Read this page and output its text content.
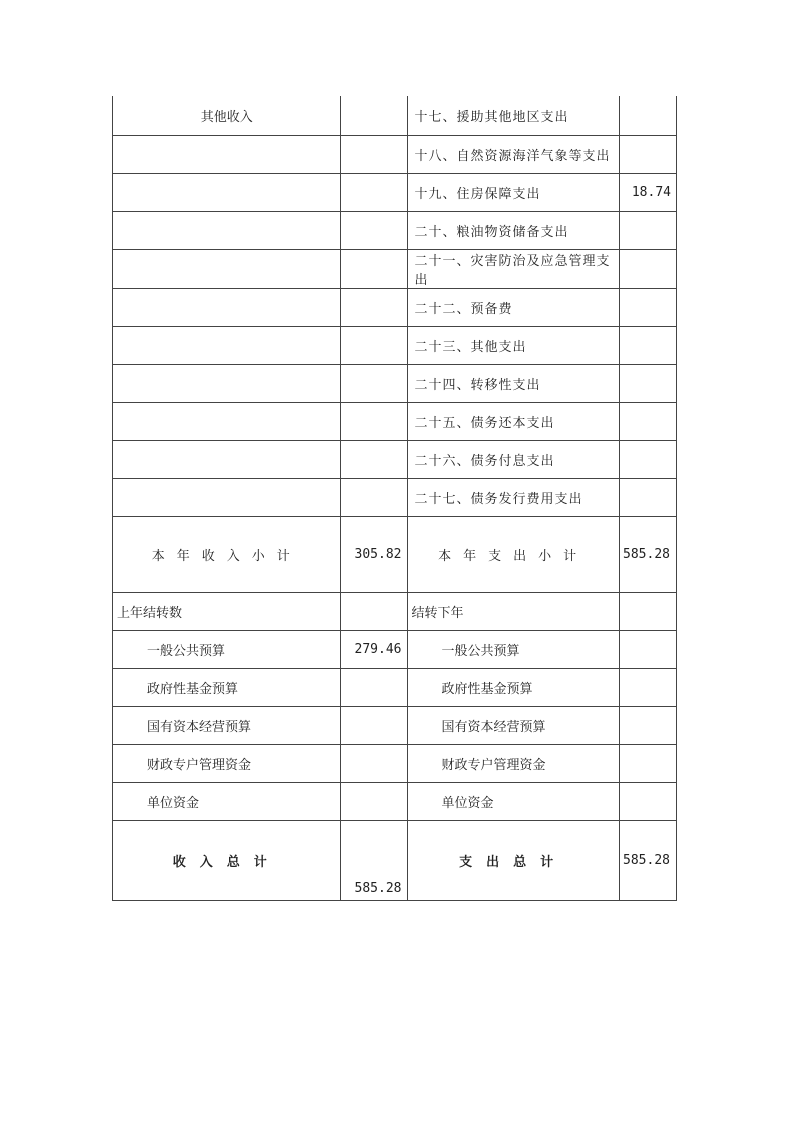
其他收入		十七、援助其他地区支出	
		十八、自然资源海洋气象等支出	
		十九、住房保障支出	18.74
		二十、粮油物资储备支出	
		二十一、灾害防治及应急管理支出	
		二十二、预备费	
		二十三、其他支出	
		二十四、转移性支出	
		二十五、债务还本支出	
		二十六、债务付息支出	
		二十七、债务发行费用支出	
本年收入小计	305.82	本年支出小计	585.28
上年结转数		结转下年	
一般公共预算	279.46	一般公共预算	
政府性基金预算		政府性基金预算	
国有资本经营预算		国有资本经营预算	
财政专户管理资金		财政专户管理资金	
单位资金		单位资金	
收入总计	585.28	支出总计	585.28
